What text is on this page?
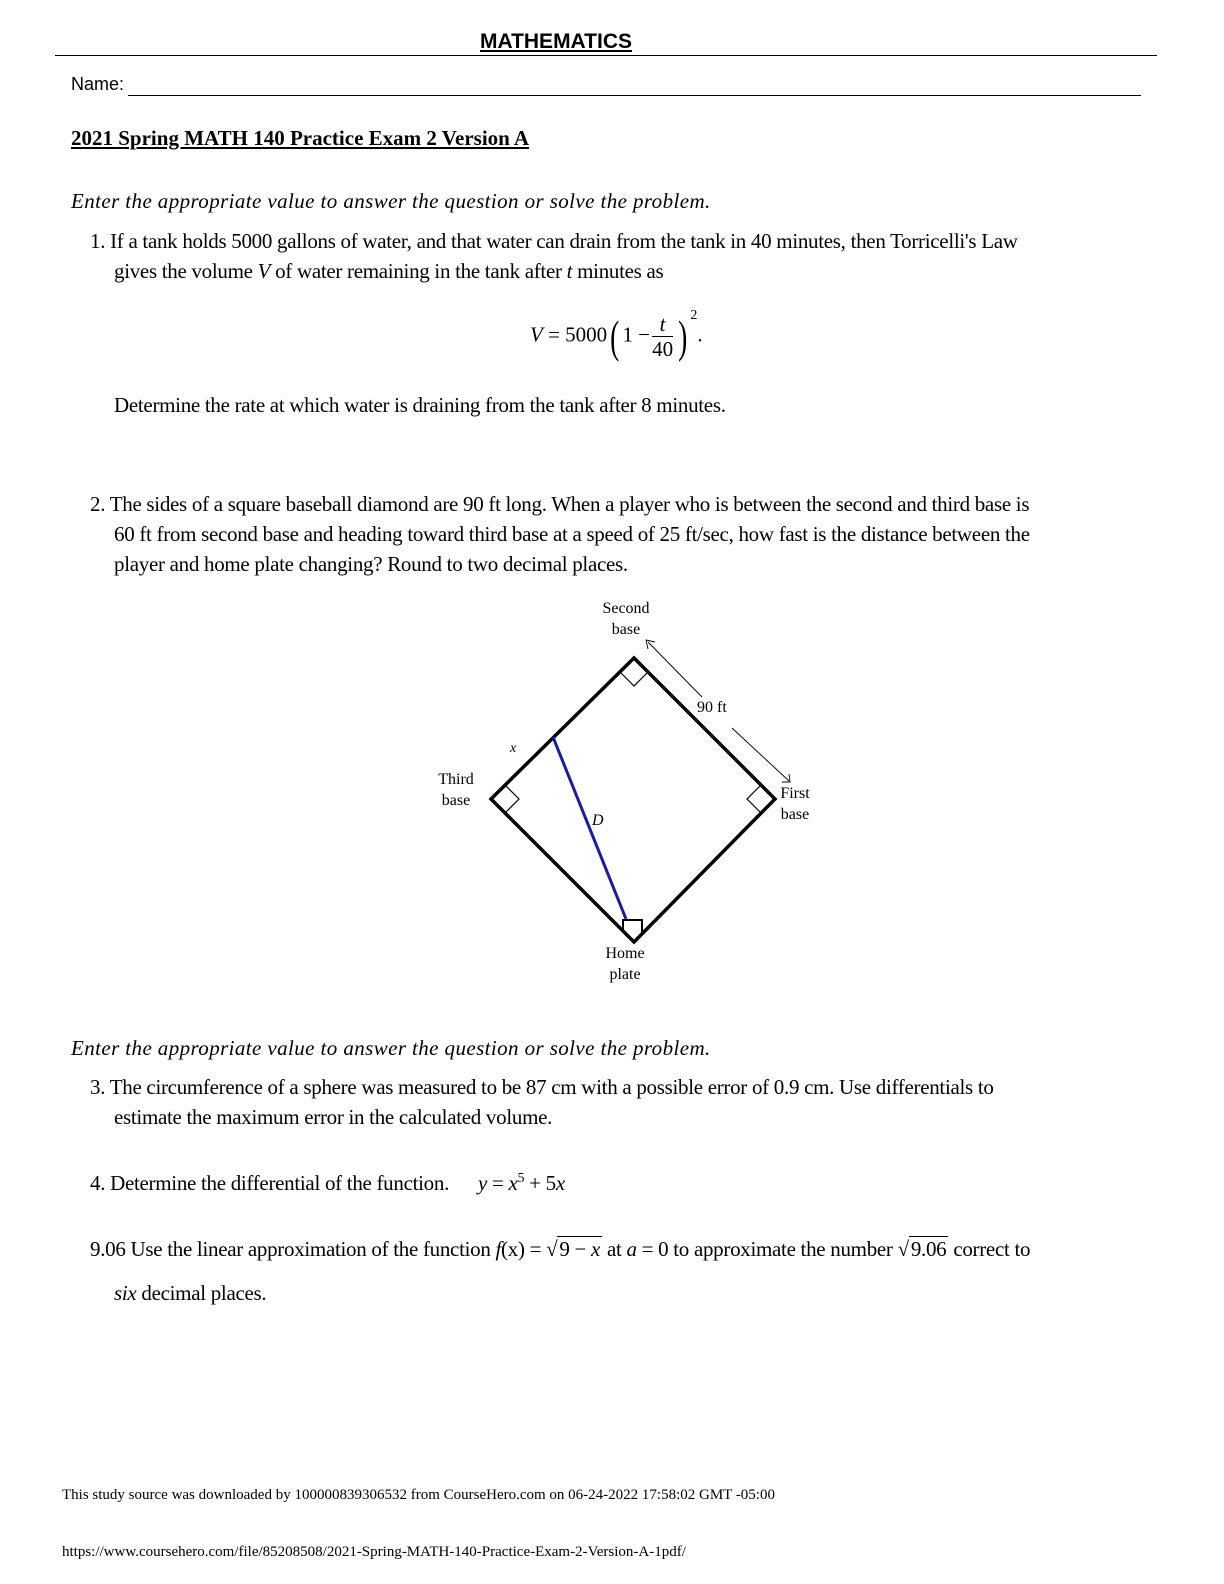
MATHEMATICS
Name:
2021 Spring MATH 140 Practice Exam 2 Version A
Enter the appropriate value to answer the question or solve the problem.
1. If a tank holds 5000 gallons of water, and that water can drain from the tank in 40 minutes, then Torricelli's Law
gives the volume V of water remaining in the tank after t minutes as
V = 5000( $1 - \frac{t}{40}$ ) $^2$.
Determine the rate at which water is draining from the tank after 8 minutes.
2. The sides of a square baseball diamond are 90 ft long. When a player who is between the second and third base is
60 ft from second base and heading toward third base at a speed of 25 ft/sec, how fast is the distance between the
player and home plate changing? Round to two decimal places.
Second
base
Third
base	First
base
Home
plate
90 ft
x
D
Enter the appropriate value to answer the question or solve the problem.
3. The circumference of a sphere was measured to be 87 cm with a possible error of 0.9 cm. Use differentials to
estimate the maximum error in the calculated volume.
4. Determine the differential of the function. $y = x^5 + 5x$
9.06 Use the linear approximation of the function f(x) = √9 − x at a = 0 to approximate the number √9.06 correct to
six decimal places.
This study source was downloaded by 100000839306532 from CourseHero.com on 06-24-2022 17:58:02 GMT -05:00
https://www.coursehero.com/file/85208508/2021-Spring-MATH-140-Practice-Exam-2-Version-A-1pdf/
